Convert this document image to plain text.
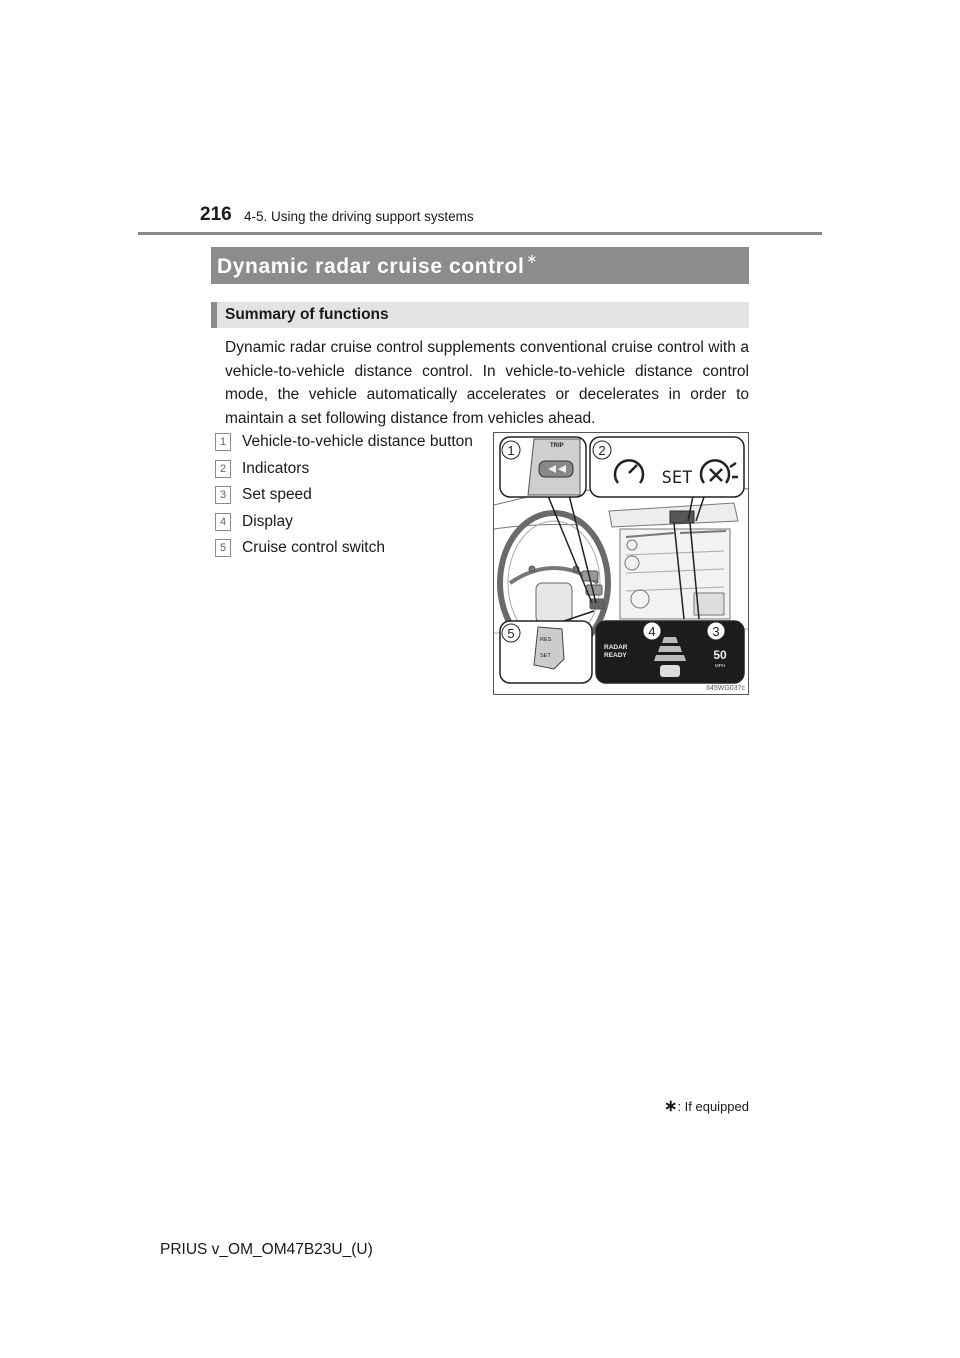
216 4-5. Using the driving support systems
Dynamic radar cruise control ∗
Summary of functions

Dynamic radar cruise control supplements conventional cruise control with a vehicle-to-vehicle distance control. In vehicle-to-vehicle distance control mode, the vehicle automatically accelerates or decelerates in order to maintain a set following distance from vehicles ahead.

1	Vehicle-to-vehicle distance button
2	Indicators
3	Set speed
4	Display
5	Cruise control switch
1	TRIP	2
SET
5	RES
SET
4	3
RADAR
READY	50
MPH
II45WG037c
∗: If equipped
PRIUS v_OM_OM47B23U_(U)
